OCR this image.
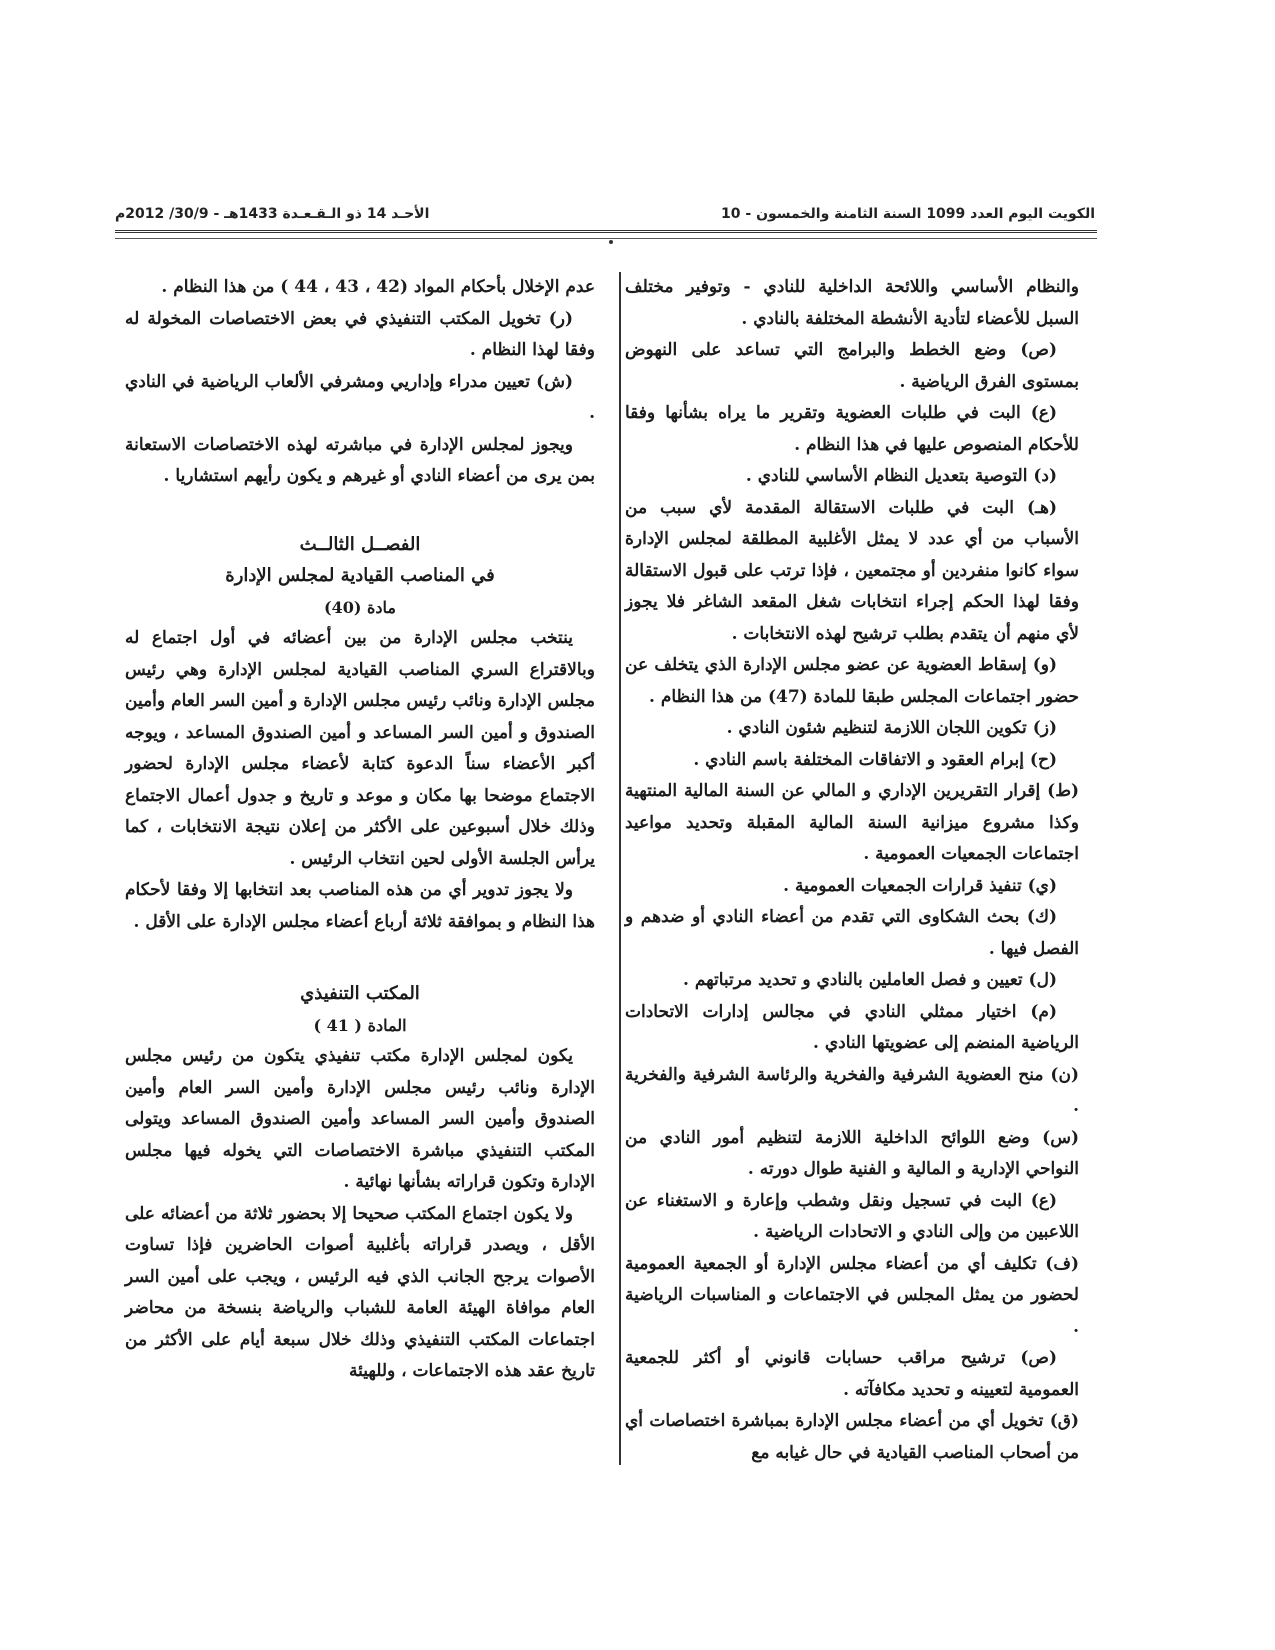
الكويت اليوم العدد 1099 السنة الثامنة والخمسون - 10
الأحـد 14 ذو الـقـعـدة 1433هـ - 30/9/ 2012م

والنظام الأساسي واللائحة الداخلية للنادي - وتوفير مختلف السبل للأعضاء لتأدية الأنشطة المختلفة بالنادي .

(ص) وضع الخطط والبرامج التي تساعد على النهوض بمستوى الفرق الرياضية .

(ع) البت في طلبات العضوية وتقرير ما يراه بشأنها وفقا للأحكام المنصوص عليها في هذا النظام .

(د) التوصية بتعديل النظام الأساسي للنادي .

(هـ) البت في طلبات الاستقالة المقدمة لأي سبب من الأسباب من أي عدد لا يمثل الأغلبية المطلقة لمجلس الإدارة سواء كانوا منفردين أو مجتمعين ، فإذا ترتب على قبول الاستقالة وفقا لهذا الحكم إجراء انتخابات شغل المقعد الشاغر فلا يجوز لأي منهم أن يتقدم بطلب ترشيح لهذه الانتخابات .

(و) إسقاط العضوية عن عضو مجلس الإدارة الذي يتخلف عن حضور اجتماعات المجلس طبقا للمادة (47) من هذا النظام .

(ز) تكوين اللجان اللازمة لتنظيم شئون النادي .

(ح) إبرام العقود و الاتفاقات المختلفة باسم النادي .

(ط) إقرار التقريرين الإداري و المالي عن السنة المالية المنتهية وكذا مشروع ميزانية السنة المالية المقبلة وتحديد مواعيد اجتماعات الجمعيات العمومية .

(ي) تنفيذ قرارات الجمعيات العمومية .

(ك) بحث الشكاوى التي تقدم من أعضاء النادي أو ضدهم و الفصل فيها .

(ل) تعيين و فصل العاملين بالنادي و تحديد مرتباتهم .

(م) اختيار ممثلي النادي في مجالس إدارات الاتحادات الرياضية المنضم إلى عضويتها النادي .

(ن) منح العضوية الشرفية والفخرية والرئاسة الشرفية والفخرية .

(س) وضع اللوائح الداخلية اللازمة لتنظيم أمور النادي من النواحي الإدارية و المالية و الفنية طوال دورته .

(ع) البت في تسجيل ونقل وشطب وإعارة و الاستغناء عن اللاعبين من وإلى النادي و الاتحادات الرياضية .

(ف) تكليف أي من أعضاء مجلس الإدارة أو الجمعية العمومية لحضور من يمثل المجلس في الاجتماعات و المناسبات الرياضية .

(ص) ترشيح مراقب حسابات قانوني أو أكثر للجمعية العمومية لتعيينه و تحديد مكافآته .

(ق) تخويل أي من أعضاء مجلس الإدارة بمباشرة اختصاصات أي من أصحاب المناصب القيادية في حال غيابه مع

عدم الإخلال بأحكام المواد (42 ، 43 ، 44 ) من هذا النظام .

(ر) تخويل المكتب التنفيذي في بعض الاختصاصات المخولة له وفقا لهذا النظام .

(ش) تعيين مدراء وإداريي ومشرفي الألعاب الرياضية في النادي .

ويجوز لمجلس الإدارة في مباشرته لهذه الاختصاصات الاستعانة بمن يرى من أعضاء النادي أو غيرهم و يكون رأيهم استشاريا .

الفصــل الثالــث

في المناصب القيادية لمجلس الإدارة

مادة (40)

ينتخب مجلس الإدارة من بين أعضائه في أول اجتماع له وبالاقتراع السري المناصب القيادية لمجلس الإدارة وهي رئيس مجلس الإدارة ونائب رئيس مجلس الإدارة و أمين السر العام وأمين الصندوق و أمين السر المساعد و أمين الصندوق المساعد ، ويوجه أكبر الأعضاء سناً الدعوة كتابة لأعضاء مجلس الإدارة لحضور الاجتماع موضحا بها مكان و موعد و تاريخ و جدول أعمال الاجتماع وذلك خلال أسبوعين على الأكثر من إعلان نتيجة الانتخابات ، كما يرأس الجلسة الأولى لحين انتخاب الرئيس .

ولا يجوز تدوير أي من هذه المناصب بعد انتخابها إلا وفقا لأحكام هذا النظام و بموافقة ثلاثة أرباع أعضاء مجلس الإدارة على الأقل .

المكتب التنفيذي

المادة ( 41 )

يكون لمجلس الإدارة مكتب تنفيذي يتكون من رئيس مجلس الإدارة ونائب رئيس مجلس الإدارة وأمين السر العام وأمين الصندوق وأمين السر المساعد وأمين الصندوق المساعد ويتولى المكتب التنفيذي مباشرة الاختصاصات التي يخوله فيها مجلس الإدارة وتكون قراراته بشأنها نهائية .

ولا يكون اجتماع المكتب صحيحا إلا بحضور ثلاثة من أعضائه على الأقل ، ويصدر قراراته بأغلبية أصوات الحاضرين فإذا تساوت الأصوات يرجح الجانب الذي فيه الرئيس ، ويجب على أمين السر العام موافاة الهيئة العامة للشباب والرياضة بنسخة من محاضر اجتماعات المكتب التنفيذي وذلك خلال سبعة أيام على الأكثر من تاريخ عقد هذه الاجتماعات ، وللهيئة
